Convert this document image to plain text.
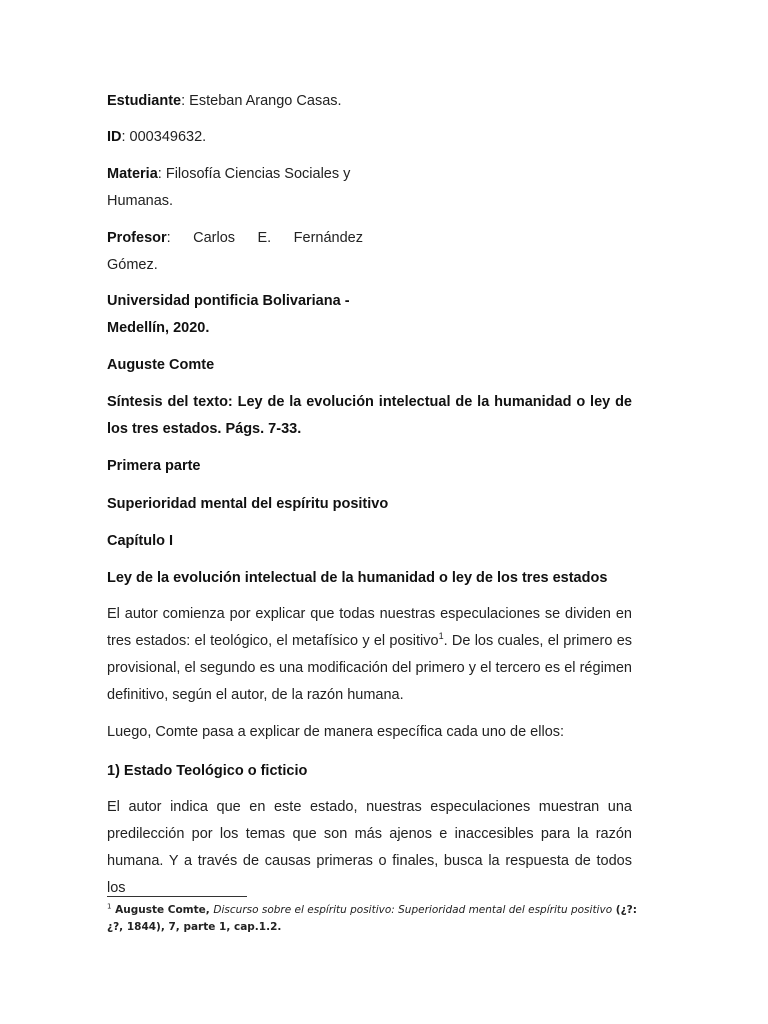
Estudiante: Esteban Arango Casas.

ID: 000349632.

Materia: Filosofía Ciencias Sociales y
Humanas.

Profesor:    Carlos    E.    Fernández
Gómez.

Universidad pontificia Bolivariana -
Medellín, 2020.

Auguste Comte

Síntesis del texto: Ley de la evolución intelectual de la humanidad o ley de los tres estados. Págs. 7-33.

Primera parte

Superioridad mental del espíritu positivo

Capítulo I

Ley de la evolución intelectual de la humanidad o ley de los tres estados

El autor comienza por explicar que todas nuestras especulaciones se dividen en tres estados: el teológico, el metafísico y el positivo$^1$. De los cuales, el primero es provisional, el segundo es una modificación del primero y el tercero es el régimen definitivo, según el autor, de la razón humana.

Luego, Comte pasa a explicar de manera específica cada uno de ellos:

1) Estado Teológico o ficticio

El autor indica que en este estado, nuestras especulaciones muestran una predilección por los temas que son más ajenos e inaccesibles para la razón humana. Y a través de causas primeras o finales, busca la respuesta de todos los

$^1$ Auguste Comte, Discurso sobre el espíritu positivo: Superioridad mental del espíritu positivo (¿?:¿?, 1844), 7, parte 1, cap.1.2.
